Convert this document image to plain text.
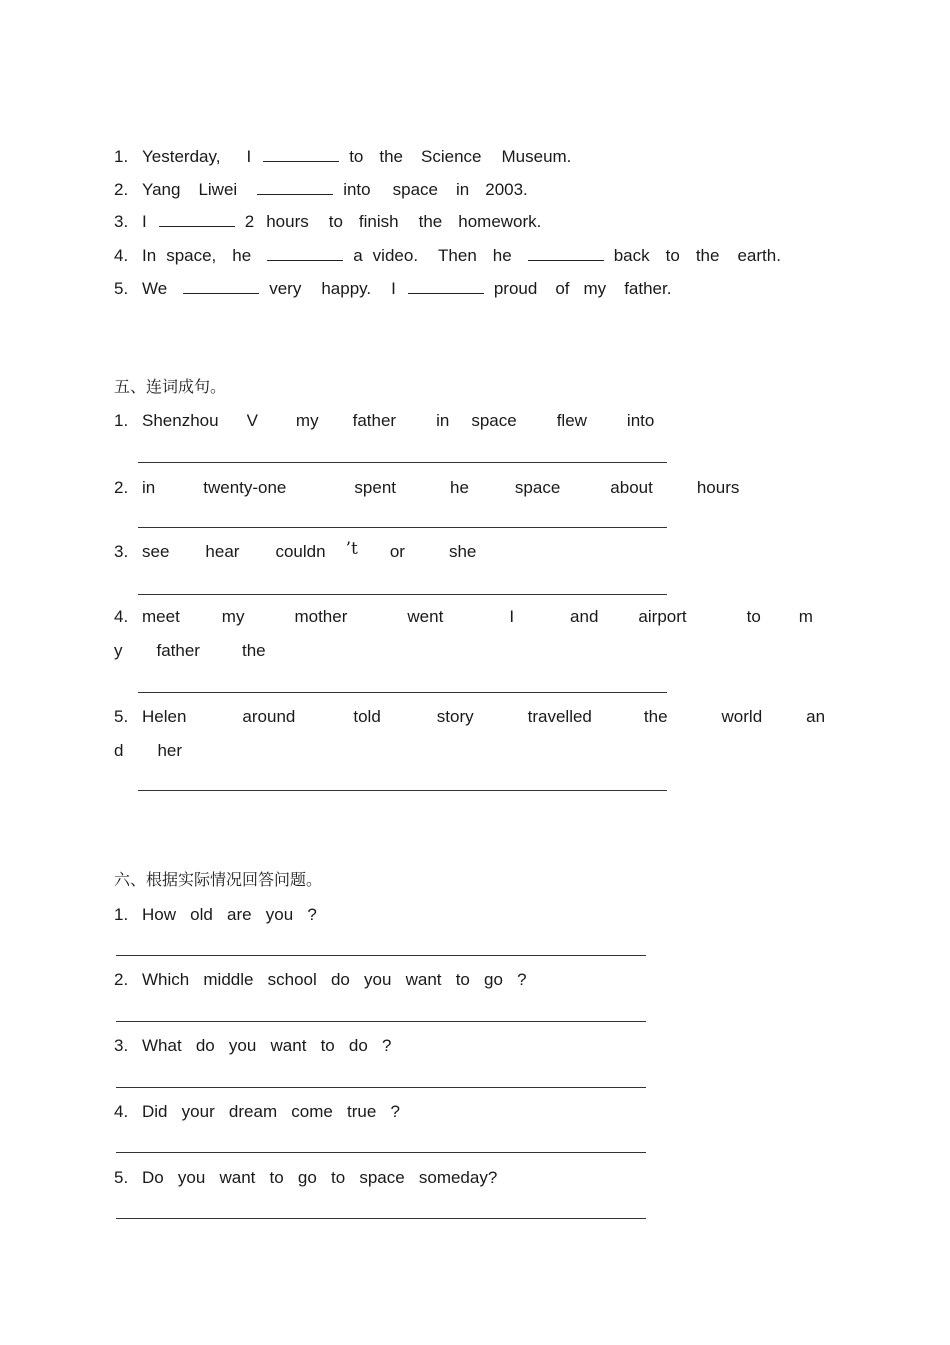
1. Yesterday, I	to the Science Museum.
2. Yang Liwei	into space in 2003.
3. I	2 hours to finish the homework.
4. In space, he	a video. Then he	back to the earth.
5. We	very happy. I	proud of my father.
五、连词成句。
1. Shenzhou V my father in space flew into
2. in	twenty-one	spent	he	space	about	hours
3. see hear couldn ’t or	she
4. meet my	mother	went	I	and airport	to m
y father the
5. Helen	around	told	story	travelled	the	world	an
d her
六、根据实际情况回答问题。
1. How   old   are   you   ?
2. Which   middle   school   do   you   want   to   go   ?
3. What   do   you   want   to   do   ?
4. Did   your   dream   come   true   ?
5. Do   you   want   to   go   to   space   someday?
